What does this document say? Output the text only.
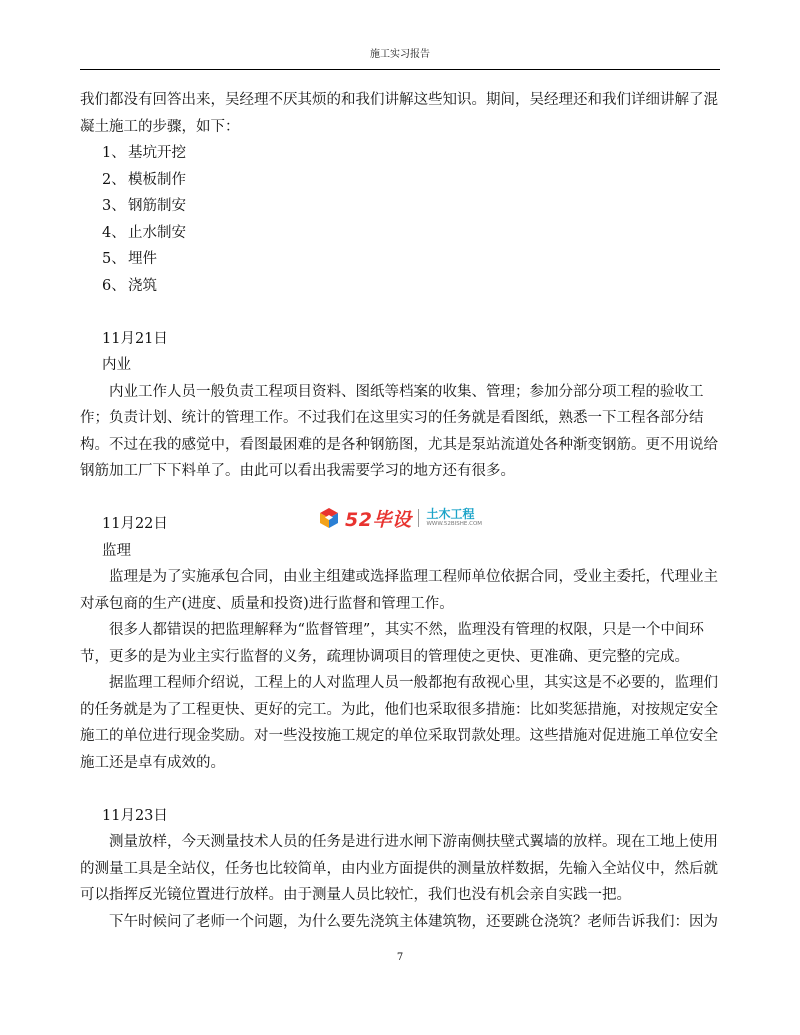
施工实习报告

我们都没有回答出来，吴经理不厌其烦的和我们讲解这些知识。期间，吴经理还和我们详细讲解了混凝土施工的步骤，如下：

1、 基坑开挖
2、 模板制作
3、 钢筋制安
4、 止水制安
5、 埋件
6、 浇筑

11月21日

内业

内业工作人员一般负责工程项目资料、图纸等档案的收集、管理；参加分部分项工程的验收工作；负责计划、统计的管理工作。不过我们在这里实习的任务就是看图纸，熟悉一下工程各部分结构。不过在我的感觉中，看图最困难的是各种钢筋图，尤其是泵站流道处各种渐变钢筋。更不用说给钢筋加工厂下下料单了。由此可以看出我需要学习的地方还有很多。

11月22日

监理

监理是为了实施承包合同，由业主组建或选择监理工程师单位依据合同，受业主委托，代理业主对承包商的生产(进度、质量和投资)进行监督和管理工作。

很多人都错误的把监理解释为“监督管理”，其实不然，监理没有管理的权限，只是一个中间环节，更多的是为业主实行监督的义务，疏理协调项目的管理使之更快、更准确、更完整的完成。

据监理工程师介绍说，工程上的人对监理人员一般都抱有敌视心里，其实这是不必要的，监理们的任务就是为了工程更快、更好的完工。为此，他们也采取很多措施：比如奖惩措施，对按规定安全施工的单位进行现金奖励。对一些没按施工规定的单位采取罚款处理。这些措施对促进施工单位安全施工还是卓有成效的。

11月23日

测量放样，今天测量技术人员的任务是进行进水闸下游南侧扶壁式翼墙的放样。现在工地上使用的测量工具是全站仪，任务也比较简单，由内业方面提供的测量放样数据，先输入全站仪中，然后就可以指挥反光镜位置进行放样。由于测量人员比较忙，我们也没有机会亲自实践一把。

下午时候问了老师一个问题，为什么要先浇筑主体建筑物，还要跳仓浇筑？老师告诉我们：因为

52毕设 土木工程
WWW.52BISHE.COM
7
